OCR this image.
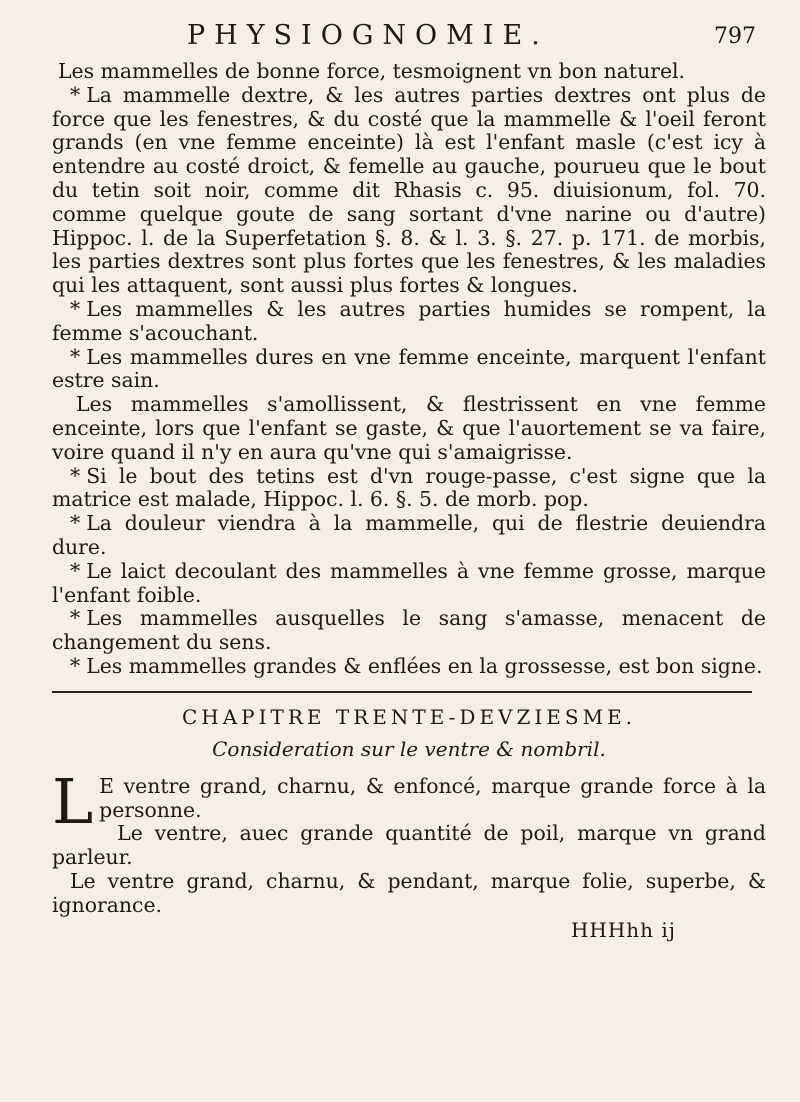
PHYSIOGNOMIE.	797

Les mammelles de bonne force, tesmoignent vn bon naturel.

* La mammelle dextre, & les autres parties dextres ont plus de force que les fenestres, & du costé que la mammelle & l'oeil feront grands (en vne femme enceinte) là est l'enfant masle (c'est icy à entendre au costé droict, & femelle au gauche, pourueu que le bout du tetin soit noir, comme dit Rhasis c. 95. diuisionum, fol. 70. comme quelque goute de sang sortant d'vne narine ou d'autre) Hippoc. l. de la Superfetation §. 8. & l. 3. §. 27. p. 171. de morbis, les parties dextres sont plus fortes que les fenestres, & les maladies qui les attaquent, sont aussi plus fortes & longues.

* Les mammelles & les autres parties humides se rompent, la femme s'acouchant.

* Les mammelles dures en vne femme enceinte, marquent l'enfant estre sain.

Les mammelles s'amollissent, & flestrissent en vne femme enceinte, lors que l'enfant se gaste, & que l'auortement se va faire, voire quand il n'y en aura qu'vne qui s'amaigrisse.

* Si le bout des tetins est d'vn rouge-passe, c'est signe que la matrice est malade, Hippoc. l. 6. §. 5. de morb. pop.

* La douleur viendra à la mammelle, qui de flestrie deuiendra dure.

* Le laict decoulant des mammelles à vne femme grosse, marque l'enfant foible.

* Les mammelles ausquelles le sang s'amasse, menacent de changement du sens.

* Les mammelles grandes & enflées en la grossesse, est bon signe.

CHAPITRE TRENTE-DEVZIESME.
Consideration sur le ventre & nombril.

LE ventre grand, charnu, & enfoncé, marque grande force à la personne.

Le ventre, auec grande quantité de poil, marque vn grand parleur.

Le ventre grand, charnu, & pendant, marque folie, superbe, & ignorance.

HHHhh ij
